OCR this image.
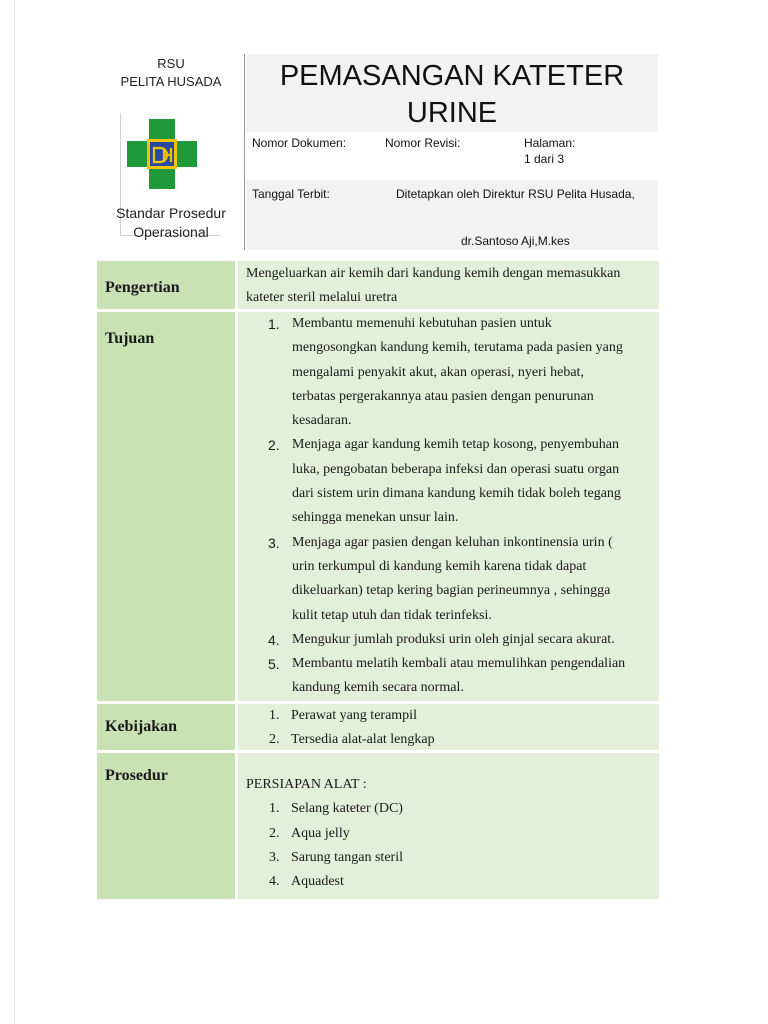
RSU
PELITA HUSADA
Standar Prosedur
Operasional
PEMASANGAN KATETER
URINE
Nomor Dokumen:	Nomor Revisi:	Halaman:
1 dari 3
Tanggal Terbit:	Ditetapkan oleh Direktur RSU Pelita Husada,
dr.Santoso Aji,M.kes
Pengertian
Mengeluarkan air kemih dari kandung kemih dengan memasukkan
kateter steril melalui uretra
Tujuan
1. Membantu memenuhi kebutuhan pasien untuk
mengosongkan kandung kemih, terutama pada pasien yang
mengalami penyakit akut, akan operasi, nyeri hebat,
terbatas pergerakannya atau pasien dengan penurunan
kesadaran.
2. Menjaga agar kandung kemih tetap kosong, penyembuhan
luka, pengobatan beberapa infeksi dan operasi suatu organ
dari sistem urin dimana kandung kemih tidak boleh tegang
sehingga menekan unsur lain.
3. Menjaga agar pasien dengan keluhan inkontinensia urin (
urin terkumpul di kandung kemih karena tidak dapat
dikeluarkan) tetap kering bagian perineumnya , sehingga
kulit tetap utuh dan tidak terinfeksi.
4. Mengukur jumlah produksi urin oleh ginjal secara akurat.
5. Membantu melatih kembali atau memulihkan pengendalian
kandung kemih secara normal.
Kebijakan
1. Perawat yang terampil
2. Tersedia alat-alat lengkap
Prosedur
PERSIAPAN ALAT :
1. Selang kateter (DC)
2. Aqua jelly
3. Sarung tangan steril
4. Aquadest
